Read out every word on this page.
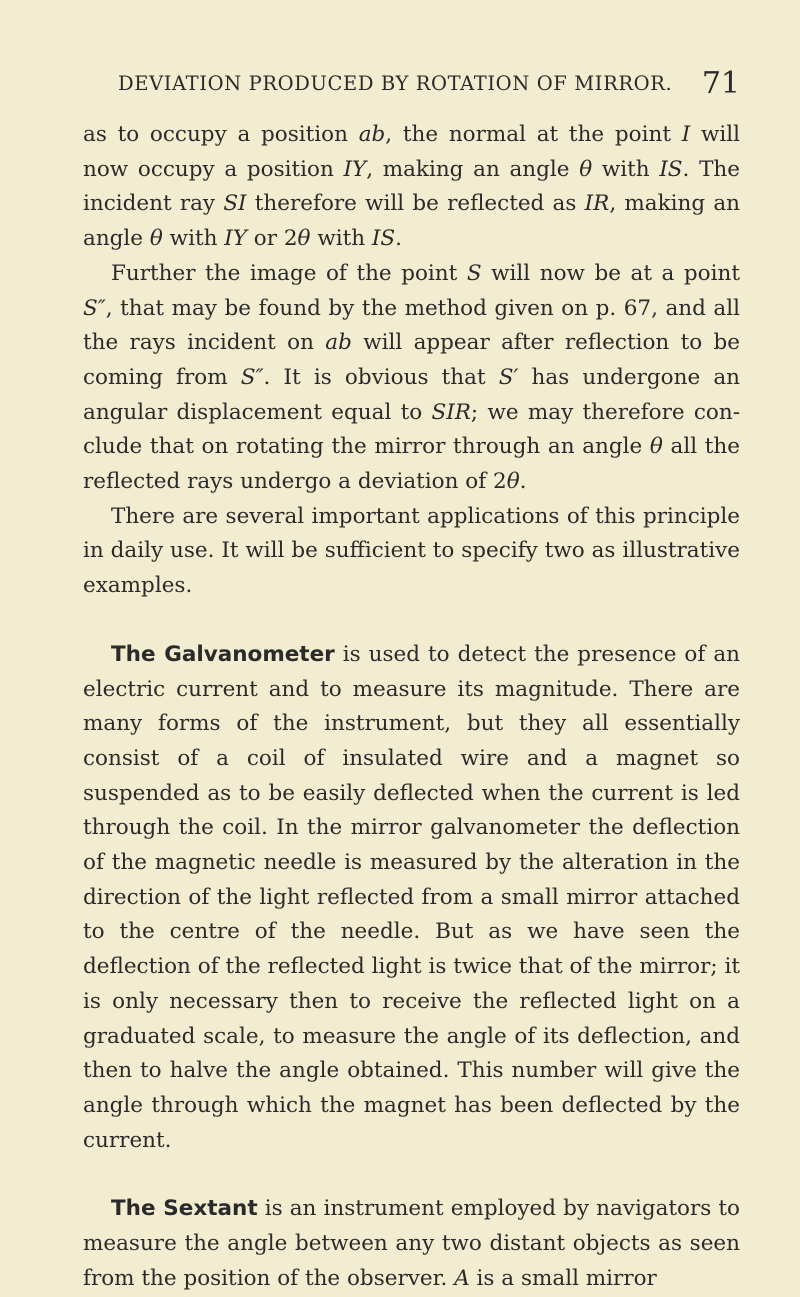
DEVIATION PRODUCED BY ROTATION OF MIRROR. 71

as to occupy a position ab, the normal at the point I will now occupy a position IY, making an angle θ with IS. The incident ray SI therefore will be reflected as IR, making an angle θ with IY or 2θ with IS.

Further the image of the point S will now be at a point S″, that may be found by the method given on p. 67, and all the rays incident on ab will appear after reflection to be coming from S″. It is obvious that S′ has undergone an angular displacement equal to SIR; we may therefore conclude that on rotating the mirror through an angle θ all the reflected rays undergo a deviation of 2θ.

There are several important applications of this principle in daily use. It will be sufficient to specify two as illustrative examples.

The Galvanometer is used to detect the presence of an electric current and to measure its magnitude. There are many forms of the instrument, but they all essentially consist of a coil of insulated wire and a magnet so suspended as to be easily deflected when the current is led through the coil. In the mirror galvanometer the deflection of the magnetic needle is measured by the alteration in the direction of the light reflected from a small mirror attached to the centre of the needle. But as we have seen the deflection of the reflected light is twice that of the mirror; it is only necessary then to receive the reflected light on a graduated scale, to measure the angle of its deflection, and then to halve the angle obtained. This number will give the angle through which the magnet has been deflected by the current.

The Sextant is an instrument employed by navigators to measure the angle between any two distant objects as seen from the position of the observer. A is a small mirror
